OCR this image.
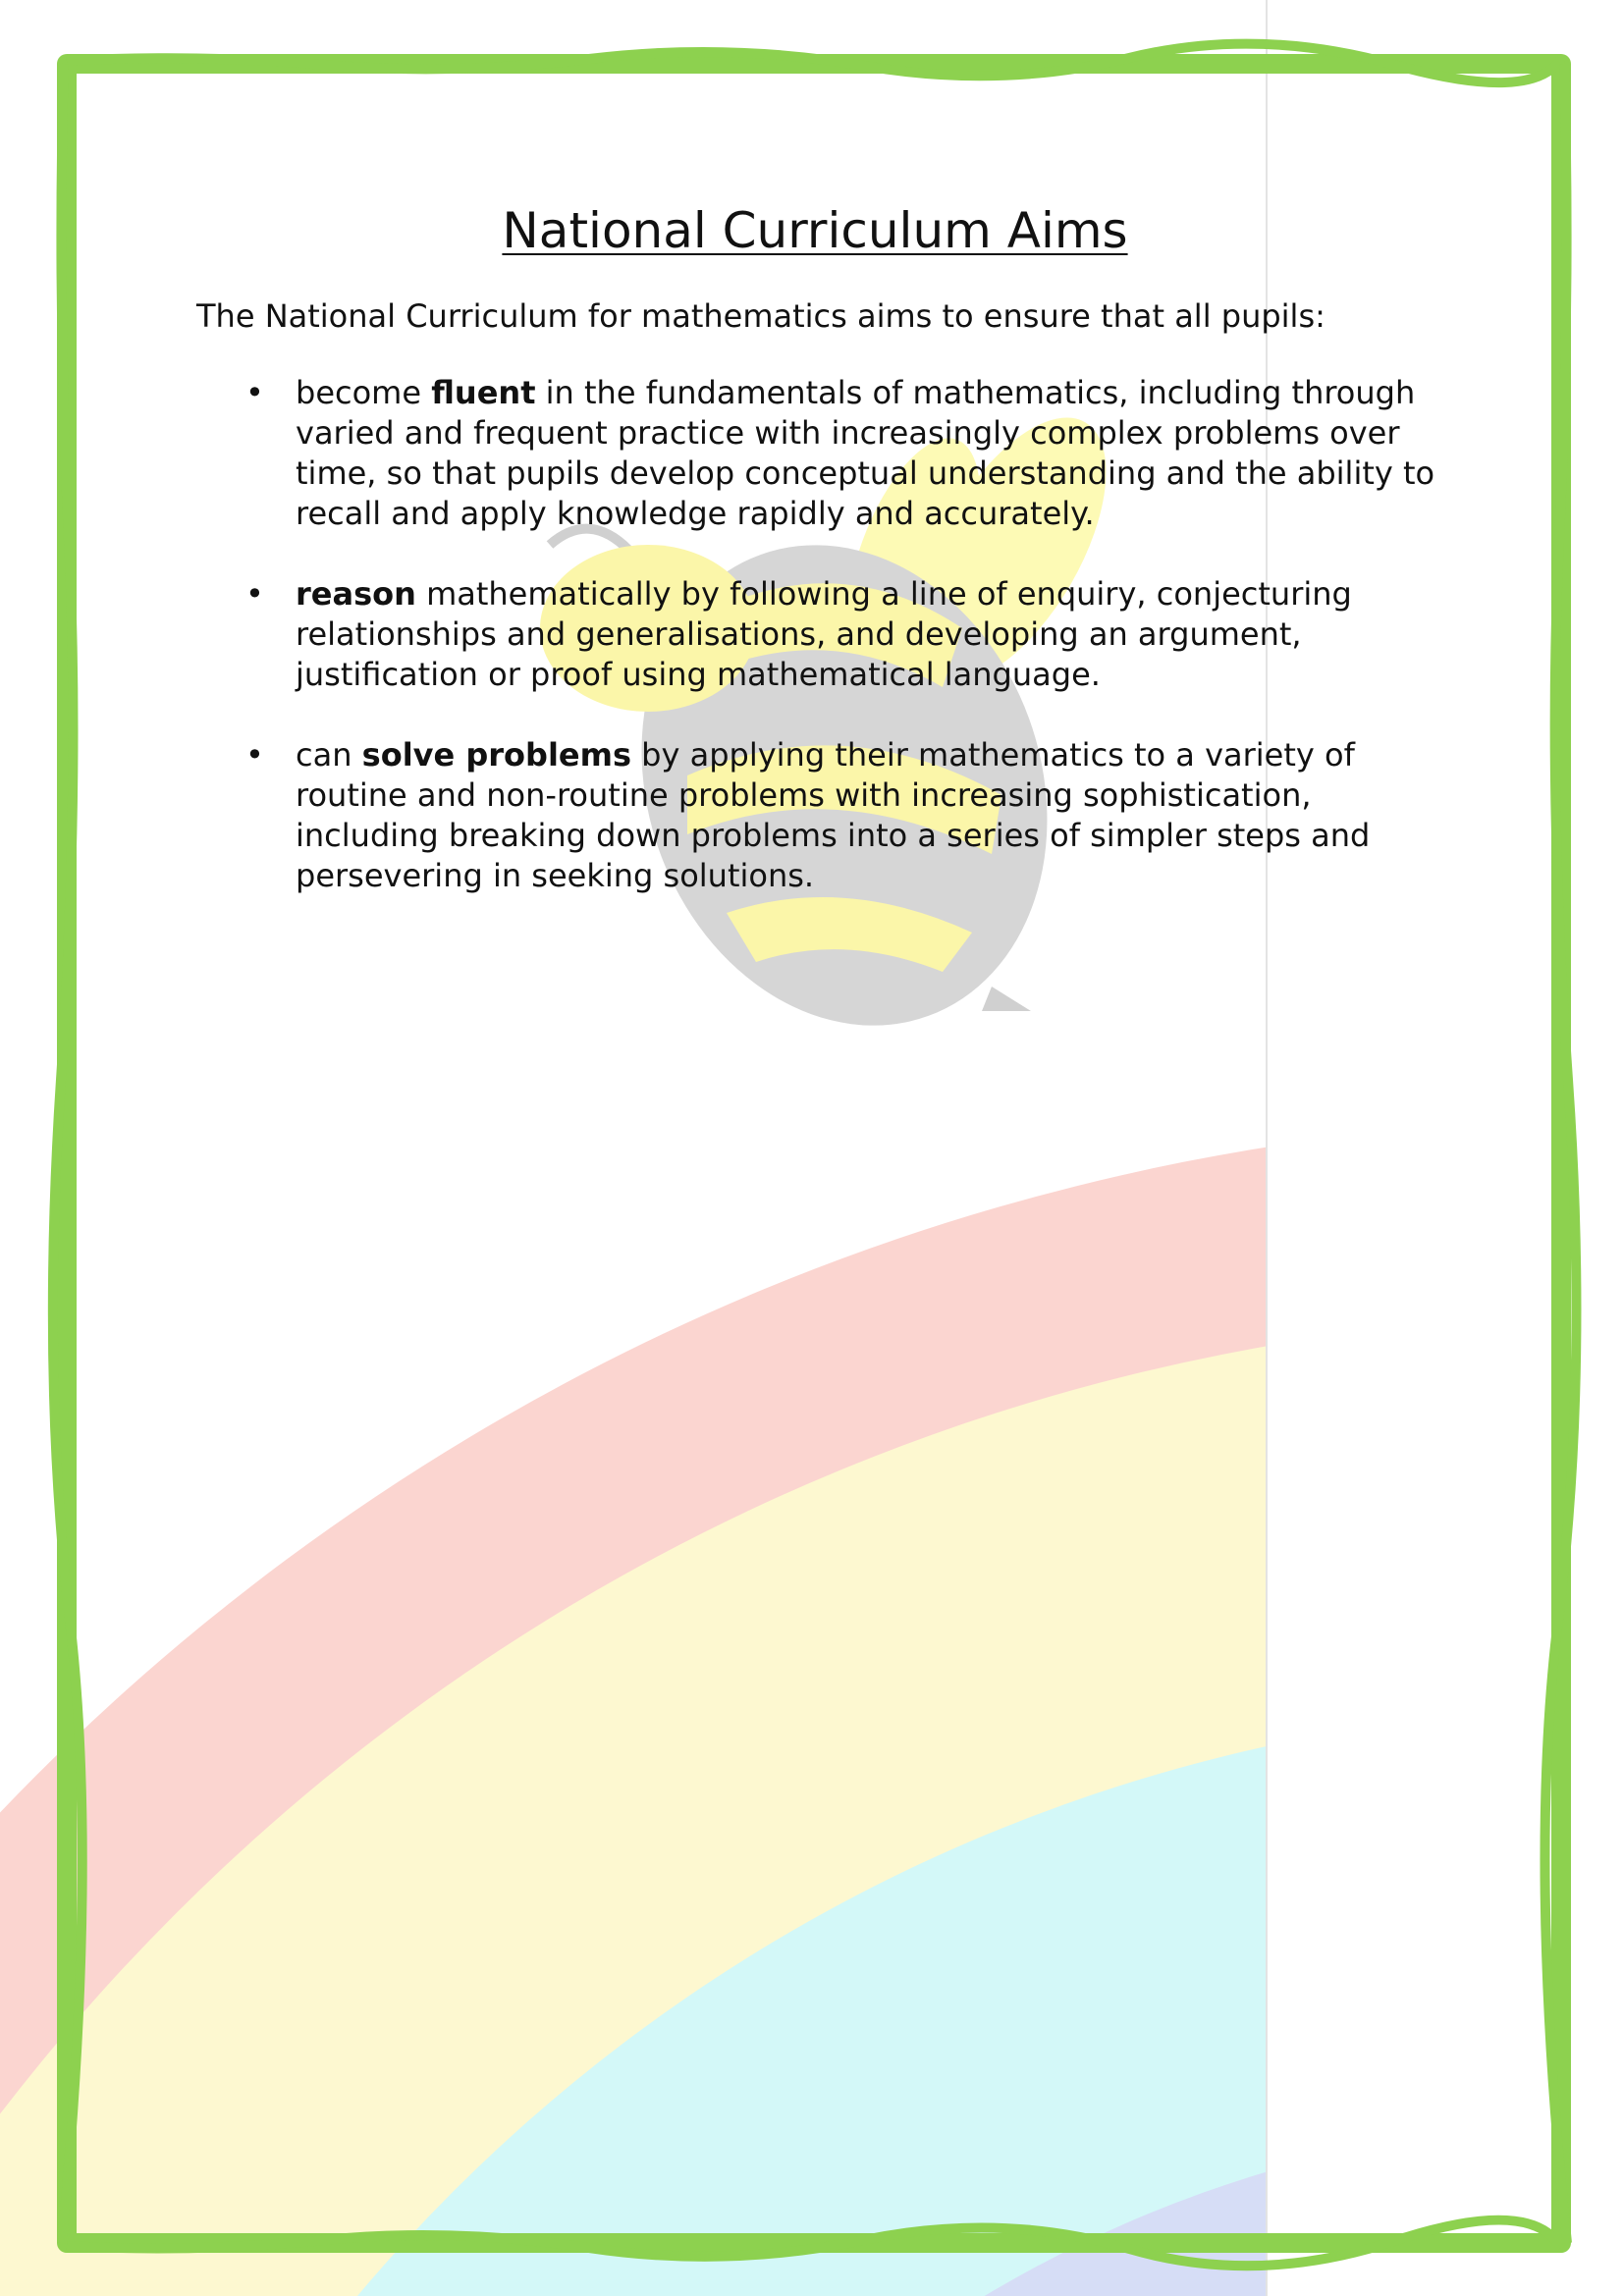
National Curriculum Aims

The National Curriculum for mathematics aims to ensure that all pupils:

• become fluent in the fundamentals of mathematics, including through varied and frequent practice with increasingly complex problems over time, so that pupils develop conceptual understanding and the ability to recall and apply knowledge rapidly and accurately.
• reason mathematically by following a line of enquiry, conjecturing relationships and generalisations, and developing an argument, justification or proof using mathematical language.
• can solve problems by applying their mathematics to a variety of routine and non-routine problems with increasing sophistication, including breaking down problems into a series of simpler steps and persevering in seeking solutions.
